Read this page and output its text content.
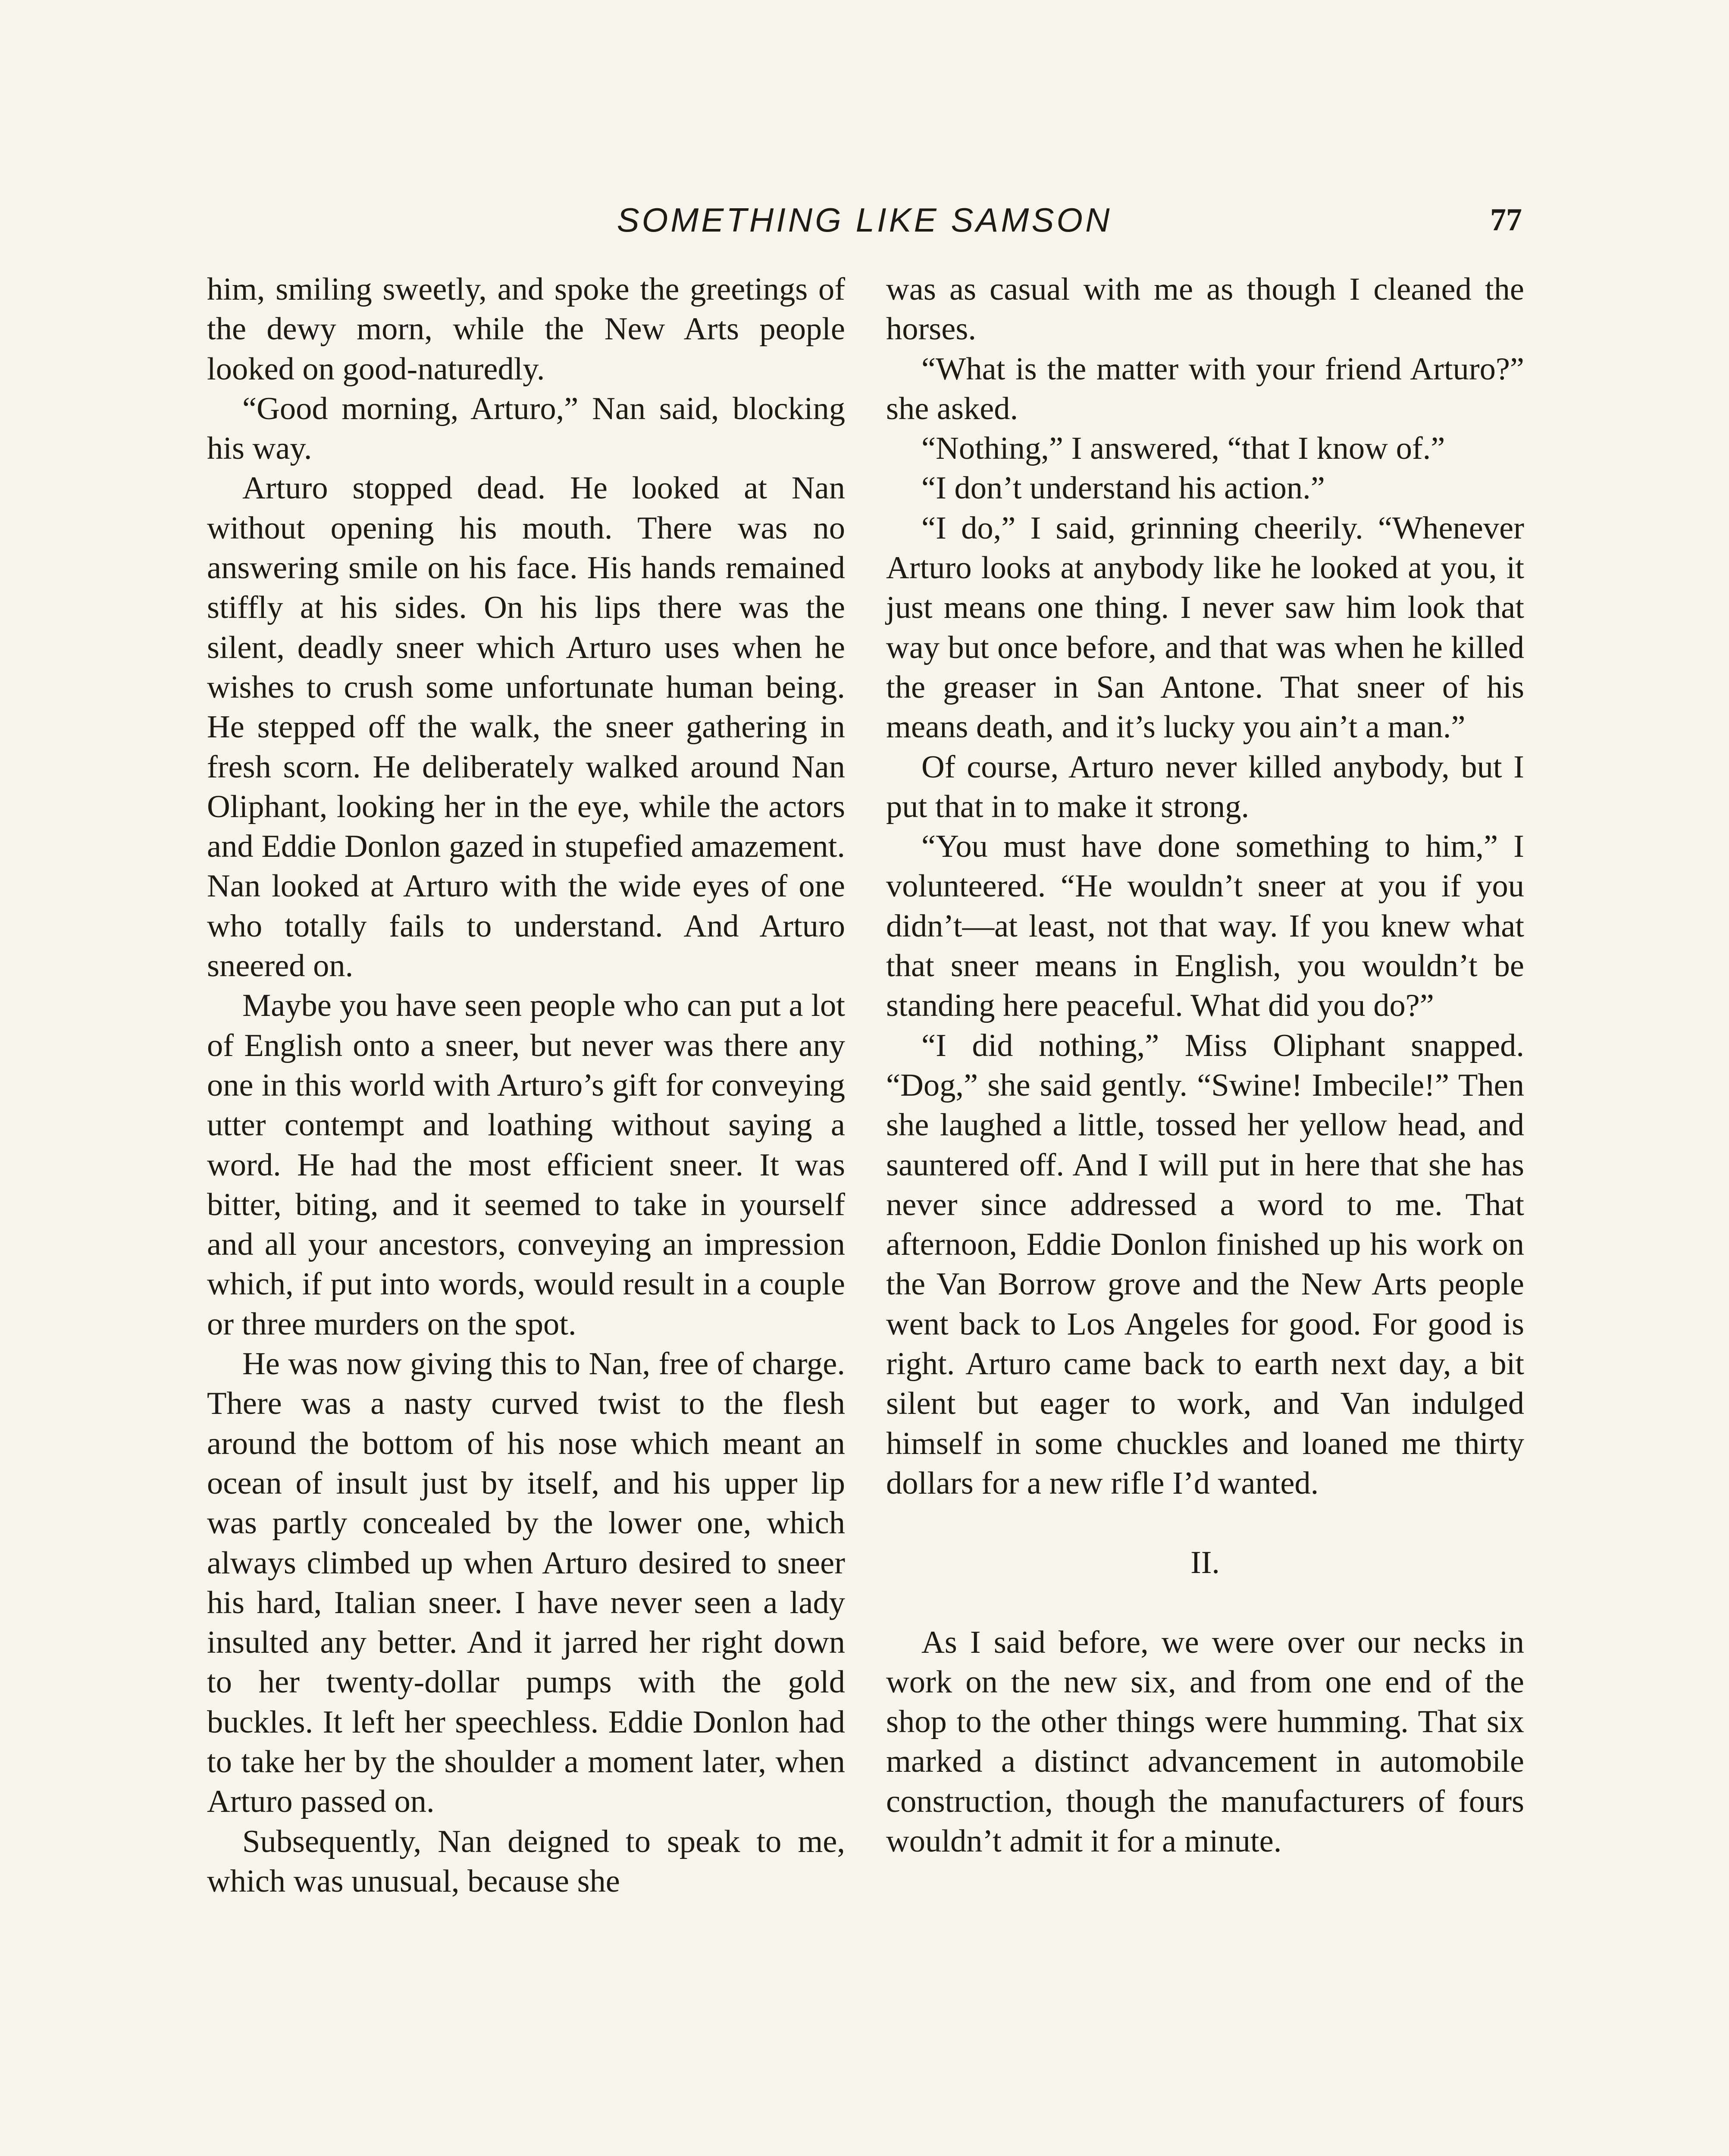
SOMETHING LIKE SAMSON	77

him, smiling sweetly, and spoke the greetings of the dewy morn, while the New Arts people looked on good-naturedly.

“Good morning, Arturo,” Nan said, blocking his way.

Arturo stopped dead. He looked at Nan without opening his mouth. There was no answering smile on his face. His hands remained stiffly at his sides. On his lips there was the silent, deadly sneer which Arturo uses when he wishes to crush some unfortunate human being. He stepped off the walk, the sneer gathering in fresh scorn. He deliberately walked around Nan Oliphant, looking her in the eye, while the actors and Eddie Donlon gazed in stupefied amazement. Nan looked at Arturo with the wide eyes of one who totally fails to understand. And Arturo sneered on.

Maybe you have seen people who can put a lot of English onto a sneer, but never was there any one in this world with Arturo’s gift for conveying utter contempt and loathing without saying a word. He had the most efficient sneer. It was bitter, biting, and it seemed to take in yourself and all your ancestors, conveying an impression which, if put into words, would result in a couple or three murders on the spot.

He was now giving this to Nan, free of charge. There was a nasty curved twist to the flesh around the bottom of his nose which meant an ocean of insult just by itself, and his upper lip was partly concealed by the lower one, which always climbed up when Arturo desired to sneer his hard, Italian sneer. I have never seen a lady insulted any better. And it jarred her right down to her twenty-dollar pumps with the gold buckles. It left her speechless. Eddie Donlon had to take her by the shoulder a moment later, when Arturo passed on.

Subsequently, Nan deigned to speak to me, which was unusual, because she

was as casual with me as though I cleaned the horses.

“What is the matter with your friend Arturo?” she asked.

“Nothing,” I answered, “that I know of.”

“I don’t understand his action.”

“I do,” I said, grinning cheerily. “Whenever Arturo looks at anybody like he looked at you, it just means one thing. I never saw him look that way but once before, and that was when he killed the greaser in San Antone. That sneer of his means death, and it’s lucky you ain’t a man.”

Of course, Arturo never killed anybody, but I put that in to make it strong.

“You must have done something to him,” I volunteered. “He wouldn’t sneer at you if you didn’t—at least, not that way. If you knew what that sneer means in English, you wouldn’t be standing here peaceful. What did you do?”

“I did nothing,” Miss Oliphant snapped. “Dog,” she said gently. “Swine! Imbecile!” Then she laughed a little, tossed her yellow head, and sauntered off. And I will put in here that she has never since addressed a word to me. That afternoon, Eddie Donlon finished up his work on the Van Borrow grove and the New Arts people went back to Los Angeles for good. For good is right. Arturo came back to earth next day, a bit silent but eager to work, and Van indulged himself in some chuckles and loaned me thirty dollars for a new rifle I’d wanted.

II.

As I said before, we were over our necks in work on the new six, and from one end of the shop to the other things were humming. That six marked a distinct advancement in automobile construction, though the manufacturers of fours wouldn’t admit it for a minute.
